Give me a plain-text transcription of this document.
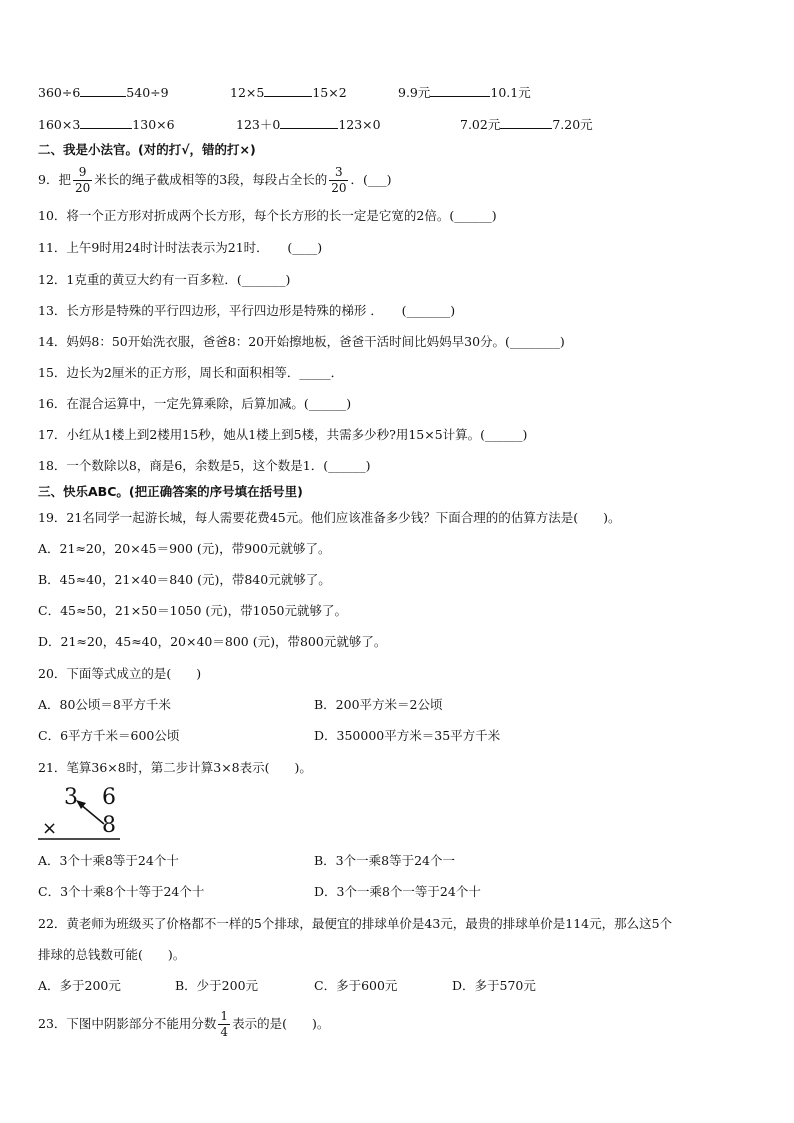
360÷6	540÷9	12×5	15×2	9.9元	10.1元
160×3	130×6	123＋0	123×0	7.02元	7.20元
二、我是小法官。(对的打√，错的打×)
9．把 $\frac{9}{20}$ 米长的绳子截成相等的3段，每段占全长的 $\frac{3}{20}$ ．(___)
10．将一个正方形对折成两个长方形，每个长方形的长一定是它宽的2倍。(______)
11．上午9时用24时计时法表示为21时．　　(____)
12．1克重的黄豆大约有一百多粒．(_______)
13．长方形是特殊的平行四边形，平行四边形是特殊的梯形 ．　　(_______)
14．妈妈8：50开始洗衣服，爸爸8：20开始擦地板，爸爸干活时间比妈妈早30分。(________)
15．边长为2厘米的正方形，周长和面积相等．_____．
16．在混合运算中，一定先算乘除，后算加减。(______)
17．小红从1楼上到2楼用15秒，她从1楼上到5楼，共需多少秒?用15×5计算。(______)
18．一个数除以8，商是6，余数是5，这个数是1．(______)
三、快乐ABC。(把正确答案的序号填在括号里)
19．21名同学一起游长城，每人需要花费45元。他们应该准备多少钱？下面合理的的估算方法是(　　)。
A．21≈20，20×45＝900 (元)，带900元就够了。
B．45≈40，21×40＝840 (元)，带840元就够了。
C．45≈50，21×50＝1050 (元)，带1050元就够了。
D．21≈20，45≈40，20×40＝800 (元)，带800元就够了。
20．下面等式成立的是(　　)
A．80公顷＝8平方千米	B．200平方米＝2公顷
C．6平方千米＝600公顷	D．350000平方米＝35平方千米
21．笔算36×8时，第二步计算3×8表示(　　)。
3 6
× 8
A．3个十乘8等于24个十	B．3个一乘8等于24个一
C．3个十乘8个十等于24个十	D．3个一乘8个一等于24个十
22．黄老师为班级买了价格都不一样的5个排球，最便宜的排球单价是43元，最贵的排球单价是114元，那么这5个
排球的总钱数可能(　　)。
A．多于200元	B．少于200元	C．多于600元	D．多于570元
23．下图中阴影部分不能用分数 $\frac{1}{4}$ 表示的是(　　)。
